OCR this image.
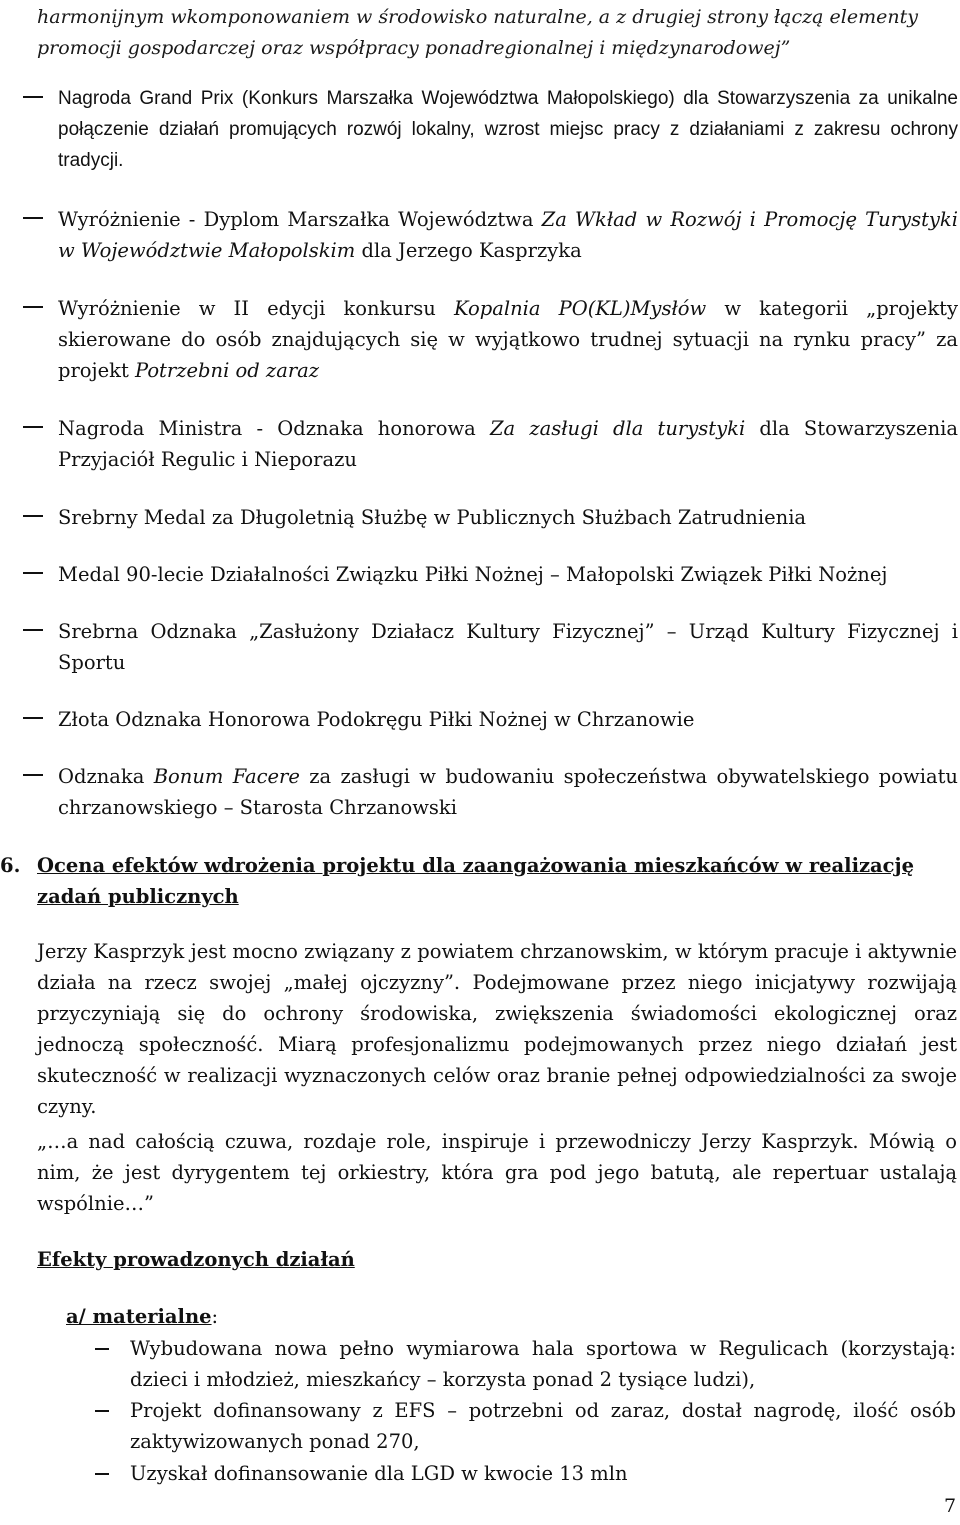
harmonijnym wkomponowaniem w środowisko naturalne, a z drugiej strony łączą elementy promocji gospodarczej oraz współpracy ponadregionalnej i międzynarodowej”
Nagroda Grand Prix (Konkurs Marszałka Województwa Małopolskiego) dla Stowarzyszenia za unikalne połączenie działań promujących rozwój lokalny, wzrost miejsc pracy z działaniami z zakresu ochrony tradycji.
Wyróżnienie - Dyplom Marszałka Województwa Za Wkład w Rozwój i Promocję Turystyki w Województwie Małopolskim dla Jerzego Kasprzyka
Wyróżnienie w II edycji konkursu Kopalnia PO(KL)Mysłów w kategorii „projekty skierowane do osób znajdujących się w wyjątkowo trudnej sytuacji na rynku pracy” za projekt Potrzebni od zaraz
Nagroda Ministra - Odznaka honorowa Za zasługi dla turystyki dla Stowarzyszenia Przyjaciół Regulic i Nieporazu
Srebrny Medal za Długoletnią Służbę w Publicznych Służbach Zatrudnienia
Medal 90-lecie Działalności Związku Piłki Nożnej – Małopolski Związek Piłki Nożnej
Srebrna Odznaka „Zasłużony Działacz Kultury Fizycznej” – Urząd Kultury Fizycznej i Sportu
Złota Odznaka Honorowa Podokręgu Piłki Nożnej w Chrzanowie
Odznaka Bonum Facere za zasługi w budowaniu społeczeństwa obywatelskiego powiatu chrzanowskiego – Starosta Chrzanowski
6. Ocena efektów wdrożenia projektu dla zaangażowania mieszkańców w realizację zadań publicznych
Jerzy Kasprzyk jest mocno związany z powiatem chrzanowskim, w którym pracuje i aktywnie działa na rzecz swojej „małej ojczyzny”. Podejmowane przez niego inicjatywy rozwijają przyczyniają się do ochrony środowiska, zwiększenia świadomości ekologicznej oraz jednoczą społeczność. Miarą profesjonalizmu podejmowanych przez niego działań jest skuteczność w realizacji wyznaczonych celów oraz branie pełnej odpowiedzialności za swoje czyny.
„…a nad całością czuwa, rozdaje role, inspiruje i przewodniczy Jerzy Kasprzyk. Mówią o nim, że jest dyrygentem tej orkiestry, która gra pod jego batutą, ale repertuar ustalają wspólnie…”
Efekty prowadzonych działań
a/ materialne:
Wybudowana nowa pełno wymiarowa hala sportowa w Regulicach (korzystają: dzieci i młodzież, mieszkańcy – korzysta ponad 2 tysiące ludzi),
Projekt dofinansowany z EFS – potrzebni od zaraz, dostał nagrodę, ilość osób zaktywizowanych ponad 270,
Uzyskał dofinansowanie dla LGD w kwocie 13 mln
7
